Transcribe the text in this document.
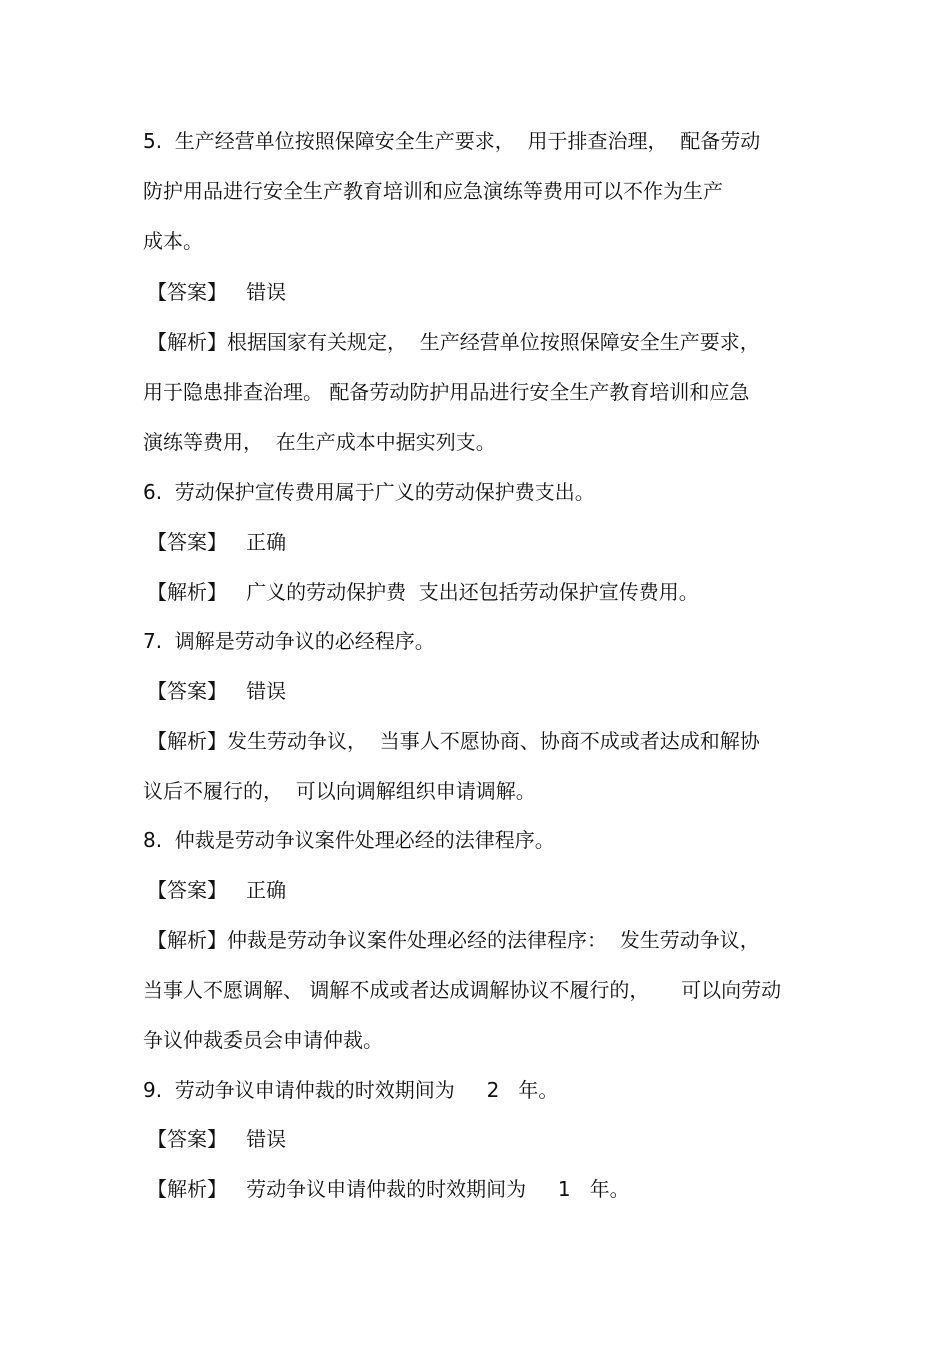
5.  生产经营单位按照保障安全生产要求，  用于排查治理，  配备劳动
防护用品进行安全生产教育培训和应急演练等费用可以不作为生产
成本。
【答案】   错误
【解析】根据国家有关规定，  生产经营单位按照保障安全生产要求，
用于隐患排查治理。 配备劳动防护用品进行安全生产教育培训和应急
演练等费用，  在生产成本中据实列支。
6.  劳动保护宣传费用属于广义的劳动保护费支出。
【答案】   正确
【解析】   广义的劳动保护费  支出还包括劳动保护宣传费用。
7.  调解是劳动争议的必经程序。
【答案】   错误
【解析】发生劳动争议，  当事人不愿协商、协商不成或者达成和解协
议后不履行的，  可以向调解组织申请调解。
8.  仲裁是劳动争议案件处理必经的法律程序。
【答案】   正确
【解析】仲裁是劳动争议案件处理必经的法律程序：  发生劳动争议，
当事人不愿调解、 调解不成或者达成调解协议不履行的，     可以向劳动
争议仲裁委员会申请仲裁。
9.  劳动争议申请仲裁的时效期间为     2   年。
【答案】   错误
【解析】   劳动争议申请仲裁的时效期间为     1   年。
